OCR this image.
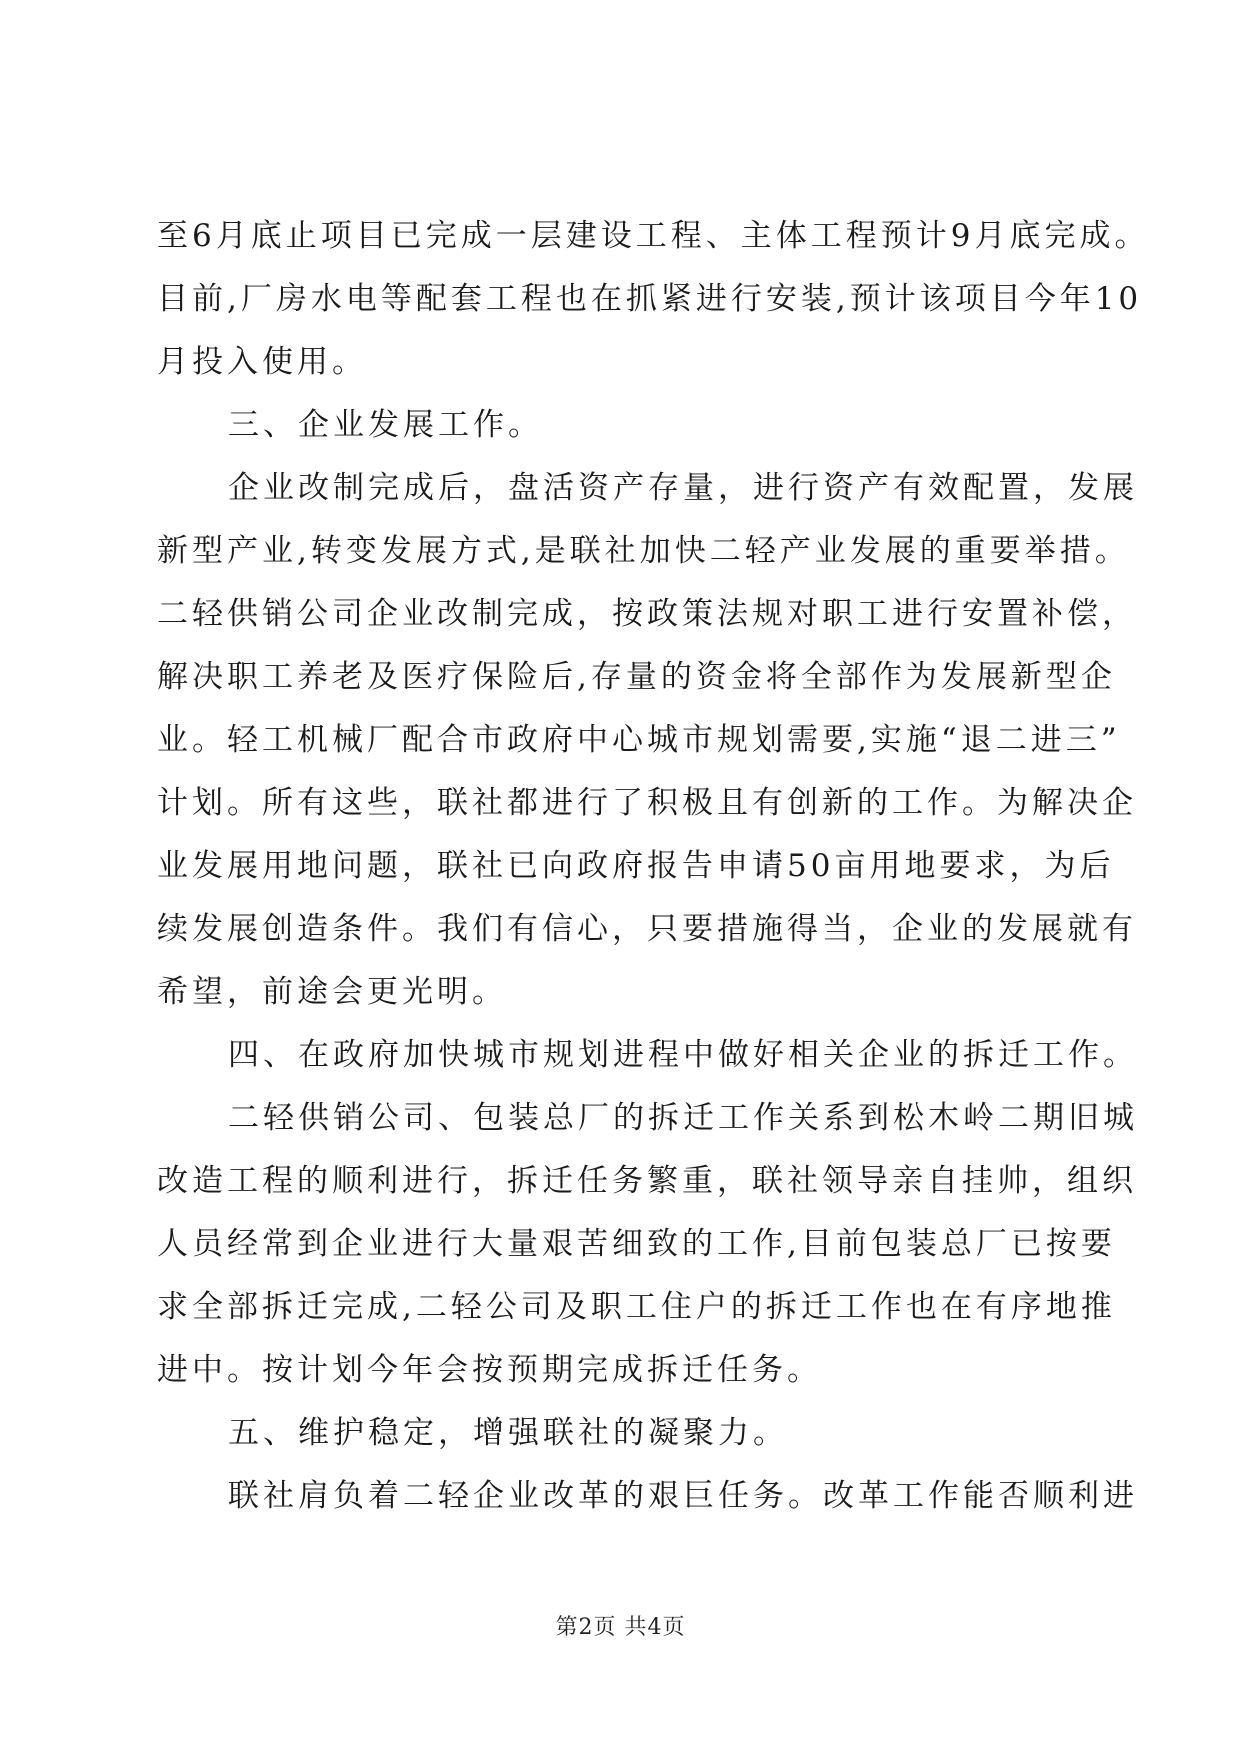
至6月底止项目已完成一层建设工程、主体工程预计9月底完成。
目前,厂房水电等配套工程也在抓紧进行安装,预计该项目今年10
月投入使用。
三、企业发展工作。
企业改制完成后，盘活资产存量，进行资产有效配置，发展
新型产业,转变发展方式,是联社加快二轻产业发展的重要举措。
二轻供销公司企业改制完成，按政策法规对职工进行安置补偿，
解决职工养老及医疗保险后,存量的资金将全部作为发展新型企
业。轻工机械厂配合市政府中心城市规划需要,实施“退二进三”
计划。所有这些，联社都进行了积极且有创新的工作。为解决企
业发展用地问题，联社已向政府报告申请50亩用地要求，为后
续发展创造条件。我们有信心，只要措施得当，企业的发展就有
希望，前途会更光明。
四、在政府加快城市规划进程中做好相关企业的拆迁工作。
二轻供销公司、包装总厂的拆迁工作关系到松木岭二期旧城
改造工程的顺利进行，拆迁任务繁重，联社领导亲自挂帅，组织
人员经常到企业进行大量艰苦细致的工作,目前包装总厂已按要
求全部拆迁完成,二轻公司及职工住户的拆迁工作也在有序地推
进中。按计划今年会按预期完成拆迁任务。
五、维护稳定，增强联社的凝聚力。
联社肩负着二轻企业改革的艰巨任务。改革工作能否顺利进
第2页 共4页
